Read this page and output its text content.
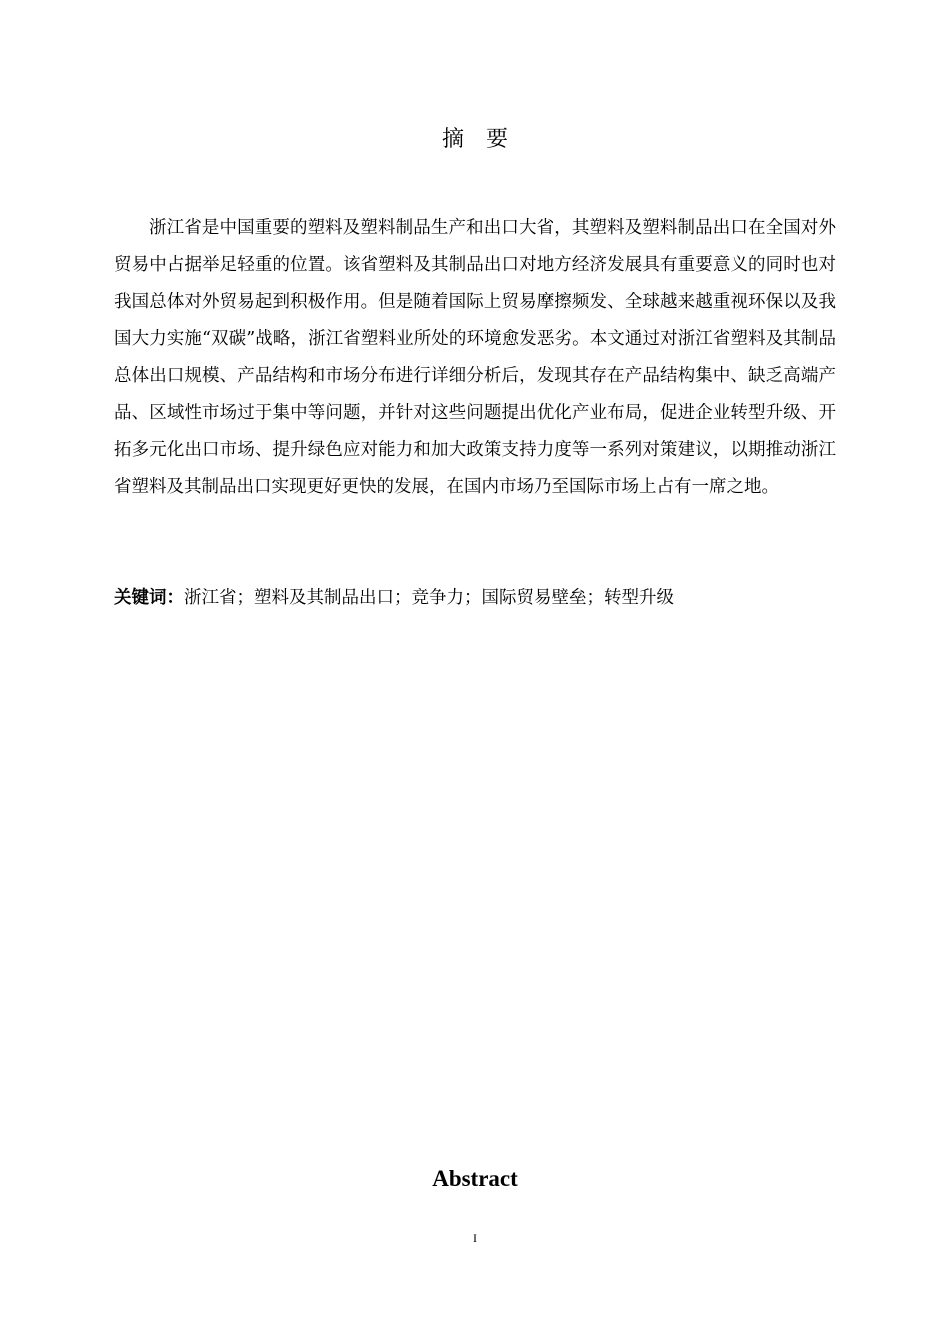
摘 要

浙江省是中国重要的塑料及塑料制品生产和出口大省，其塑料及塑料制品出口在全国对外贸易中占据举足轻重的位置。该省塑料及其制品出口对地方经济发展具有重要意义的同时也对我国总体对外贸易起到积极作用。但是随着国际上贸易摩擦频发、全球越来越重视环保以及我国大力实施“双碳”战略，浙江省塑料业所处的环境愈发恶劣。本文通过对浙江省塑料及其制品总体出口规模、产品结构和市场分布进行详细分析后，发现其存在产品结构集中、缺乏高端产品、区域性市场过于集中等问题，并针对这些问题提出优化产业布局，促进企业转型升级、开拓多元化出口市场、提升绿色应对能力和加大政策支持力度等一系列对策建议，以期推动浙江省塑料及其制品出口实现更好更快的发展，在国内市场乃至国际市场上占有一席之地。

关键词：浙江省；塑料及其制品出口；竞争力；国际贸易壁垒；转型升级

Abstract
I
